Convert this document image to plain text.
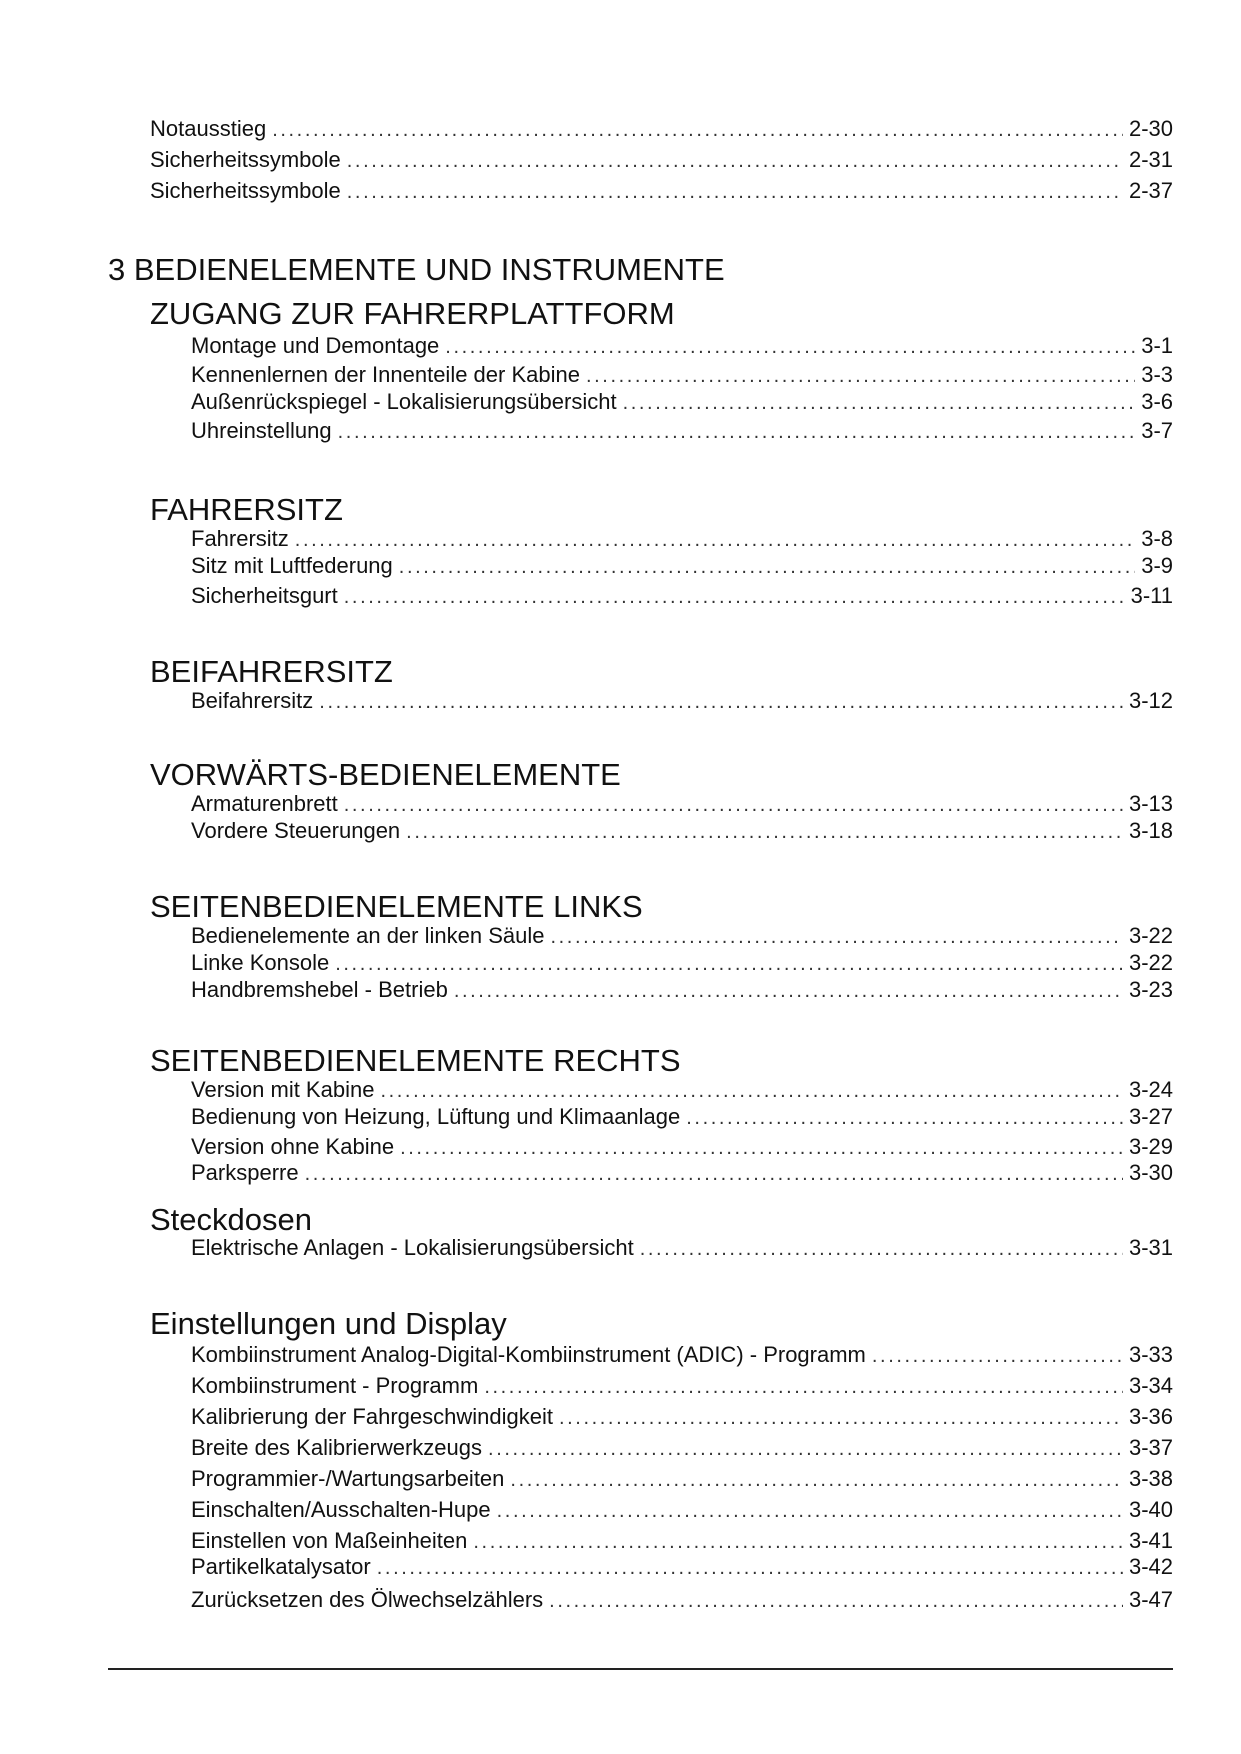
Notausstieg .....	2-30
Sicherheitssymbole .....	2-31
Sicherheitssymbole .....	2-37
3 BEDIENELEMENTE UND INSTRUMENTE
ZUGANG ZUR FAHRERPLATTFORM
Montage und Demontage .....	3-1
Kennenlernen der Innenteile der Kabine .....	3-3
Außenrückspiegel - Lokalisierungsübersicht .....	3-6
Uhreinstellung .....	3-7
FAHRERSITZ
Fahrersitz .....	3-8
Sitz mit Luftfederung .....	3-9
Sicherheitsgurt .....	3-11
BEIFAHRERSITZ
Beifahrersitz .....	3-12
VORWÄRTS-BEDIENELEMENTE
Armaturenbrett .....	3-13
Vordere Steuerungen .....	3-18
SEITENBEDIENELEMENTE LINKS
Bedienelemente an der linken Säule .....	3-22
Linke Konsole .....	3-22
Handbremshebel - Betrieb .....	3-23
SEITENBEDIENELEMENTE RECHTS
Version mit Kabine .....	3-24
Bedienung von Heizung, Lüftung und Klimaanlage .....	3-27
Version ohne Kabine .....	3-29
Parksperre .....	3-30
Steckdosen
Elektrische Anlagen - Lokalisierungsübersicht .....	3-31
Einstellungen und Display
Kombiinstrument Analog-Digital-Kombiinstrument (ADIC) - Programm .....	3-33
Kombiinstrument - Programm .....	3-34
Kalibrierung der Fahrgeschwindigkeit .....	3-36
Breite des Kalibrierwerkzeugs .....	3-37
Programmier-/Wartungsarbeiten .....	3-38
Einschalten/Ausschalten-Hupe .....	3-40
Einstellen von Maßeinheiten .....	3-41
Partikelkatalysator .....	3-42
Zurücksetzen des Ölwechselzählers .....	3-47
